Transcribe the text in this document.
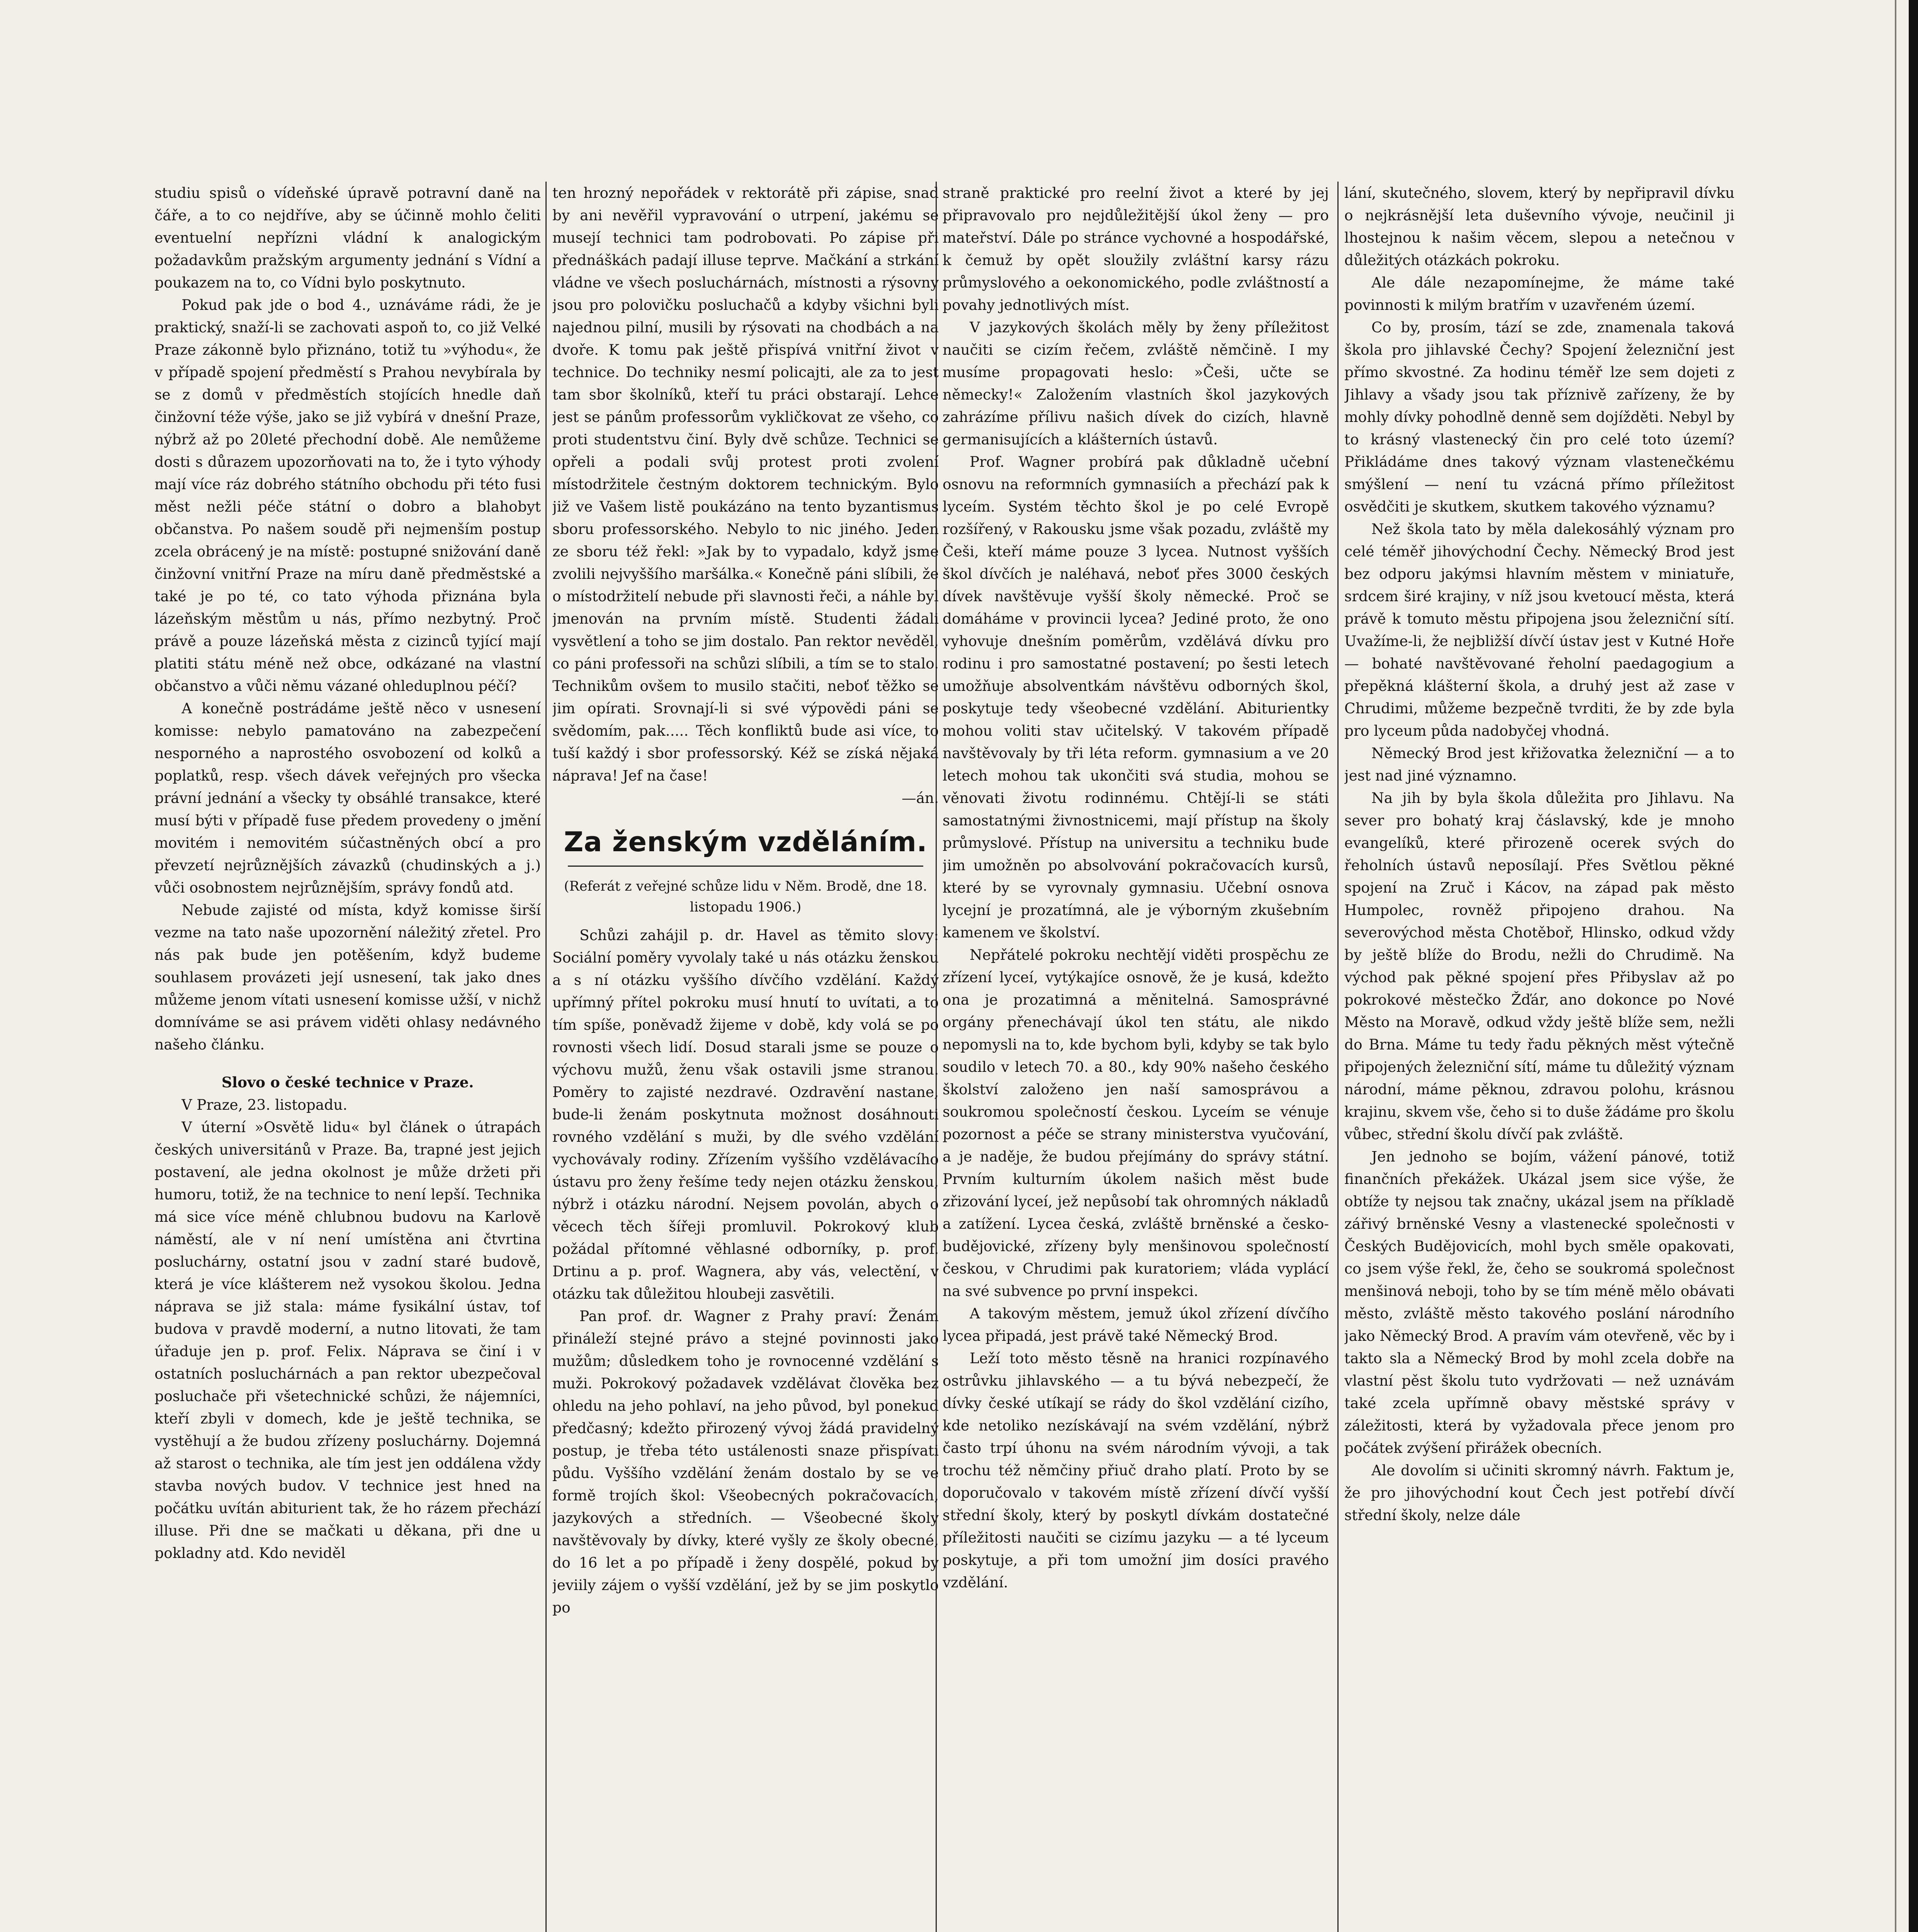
studiu spisů o vídeňské úpravě potravní daně na čáře, a to co nejdříve, aby se účinně mohlo čeliti eventuelní nepřízni vládní k analogickým požadavkům pražským argumenty jednání s Vídní a poukazem na to, co Vídni bylo poskytnuto.

Pokud pak jde o bod 4., uznáváme rádi, že je praktický, snaží-li se zachovati aspoň to, co již Velké Praze zákonně bylo přiznáno, totiž tu »výhodu«, že v případě spojení předměstí s Prahou nevybírala by se z domů v předměstích stojících hnedle daň činžovní téže výše, jako se již vybírá v dnešní Praze, nýbrž až po 20leté přechodní době. Ale nemůžeme dosti s důrazem upozorňovati na to, že i tyto výhody mají více ráz dobrého státního obchodu při této fusi měst nežli péče státní o dobro a blahobyt občanstva. Po našem soudě při nejmenším postup zcela obrácený je na místě: postupné snižování daně činžovní vnitřní Praze na míru daně předměstské a také je po té, co tato výhoda přiznána byla lázeňským městům u nás, přímo nezbytný. Proč právě a pouze lázeňská města z cizinců tyjící mají platiti státu méně než obce, odkázané na vlastní občanstvo a vůči němu vázané ohleduplnou péčí?

A konečně postrádáme ještě něco v usnesení komisse: nebylo pamatováno na zabezpečení nesporného a naprostého osvobození od kolků a poplatků, resp. všech dávek veřejných pro všecka právní jednání a všecky ty obsáhlé transakce, které musí býti v případě fuse předem provedeny o jmění movitém i nemovitém súčastněných obcí a pro převzetí nejrůznějších závazků (chudinských a j.) vůči osobnostem nejrůznějším, správy fondů atd.

Nebude zajisté od místa, když komisse širší vezme na tato naše upozornění náležitý zřetel. Pro nás pak bude jen potěšením, když budeme souhlasem provázeti její usnesení, tak jako dnes můžeme jenom vítati usnesení komisse užší, v nichž domníváme se asi právem viděti ohlasy nedávného našeho článku.

Slovo o české technice v Praze.

V Praze, 23. listopadu.

V úterní »Osvětě lidu« byl článek o útrapách českých universitánů v Praze. Ba, trapné jest jejich postavení, ale jedna okolnost je může držeti při humoru, totiž, že na technice to není lepší. Technika má sice více méně chlubnou budovu na Karlově náměstí, ale v ní není umístěna ani čtvrtina posluchárny, ostatní jsou v zadní staré budově, která je více klášterem než vysokou školou. Jedna náprava se již stala: máme fysikální ústav, tof budova v pravdě moderní, a nutno litovati, že tam úřaduje jen p. prof. Felix. Náprava se činí i v ostatních posluchárnách a pan rektor ubezpečoval posluchače při všetechnické schůzi, že nájemníci, kteří zbyli v domech, kde je ještě technika, se vystěhují a že budou zřízeny posluchárny. Dojemná až starost o technika, ale tím jest jen oddálena vždy stavba nových budov. V technice jest hned na počátku uvítán abiturient tak, že ho rázem přechází illuse. Při dne se mačkati u děkana, při dne u pokladny atd. Kdo neviděl

ten hrozný nepořádek v rektorátě při zápise, snad by ani nevěřil vypravování o utrpení, jakému se musejí technici tam podrobovati. Po zápise při přednáškách padají illuse teprve. Mačkání a strkání vládne ve všech posluchárnách, místnosti a rýsovny jsou pro polovičku posluchačů a kdyby všichni byli najednou pilní, musili by rýsovati na chodbách a na dvoře. K tomu pak ještě přispívá vnitřní život v technice. Do techniky nesmí policajti, ale za to jest tam sbor školníků, kteří tu práci obstarají. Lehce jest se pánům professorům vykličkovat ze všeho, co proti studentstvu činí. Byly dvě schůze. Technici se opřeli a podali svůj protest proti zvolení místodržitele čestným doktorem technickým. Bylo již ve Vašem listě poukázáno na tento byzantismus sboru professorského. Nebylo to nic jiného. Jeden ze sboru též řekl: »Jak by to vypadalo, když jsme zvolili nejvyššího maršálka.« Konečně páni slíbili, že o místodržitelí nebude při slavnosti řeči, a náhle byl jmenován na prvním místě. Studenti žádali vysvětlení a toho se jim dostalo. Pan rektor nevěděl, co páni professoři na schůzi slíbili, a tím se to stalo. Technikům ovšem to musilo stačiti, neboť těžko se jim opírati. Srovnají-li si své výpovědi páni se svědomím, pak..... Těch konfliktů bude asi více, to tuší každý i sbor professorský. Kéž se získá nějaká náprava! Jef na čase!

—án.

Za ženským vzděláním.

(Referát z veřejné schůze lidu v Něm. Brodě, dne 18. listopadu 1906.)

Schůzi zahájil p. dr. Havel as těmito slovy: Sociální poměry vyvolaly také u nás otázku ženskou a s ní otázku vyššího dívčího vzdělání. Každý upřímný přítel pokroku musí hnutí to uvítati, a to tím spíše, poněvadž žijeme v době, kdy volá se po rovnosti všech lidí. Dosud starali jsme se pouze o výchovu mužů, ženu však ostavili jsme stranou. Poměry to zajisté nezdravé. Ozdravění nastane, bude-li ženám poskytnuta možnost dosáhnouti rovného vzdělání s muži, by dle svého vzdělání vychovávaly rodiny. Zřízením vyššího vzdělávacího ústavu pro ženy řešíme tedy nejen otázku ženskou, nýbrž i otázku národní. Nejsem povolán, abych o věcech těch šířeji promluvil. Pokrokový klub požádal přítomné věhlasné odborníky, p. prof. Drtinu a p. prof. Wagnera, aby vás, velectění, v otázku tak důležitou hloubeji zasvětili.

Pan prof. dr. Wagner z Prahy praví: Ženám přináleží stejné právo a stejné povinnosti jako mužům; důsledkem toho je rovnocenné vzdělání s muži. Pokrokový požadavek vzdělávat člověka bez ohledu na jeho pohlaví, na jeho původ, byl ponekud předčasný; kdežto přirozený vývoj žádá pravidelný postup, je třeba této ustálenosti snaze přispívati půdu. Vyššího vzdělání ženám dostalo by se ve formě trojích škol: Všeobecných pokračovacích, jazykových a středních. — Všeobecné školy navštěvovaly by dívky, které vyšly ze školy obecné, do 16 let a po případě i ženy dospělé, pokud by jeviily zájem o vyšší vzdělání, jež by se jim poskytlo po

straně praktické pro reelní život a které by jej připravovalo pro nejdůležitější úkol ženy — pro mateřství. Dále po stránce vychovné a hospodářské, k čemuž by opět sloužily zvláštní karsy rázu průmyslového a oekonomického, podle zvláštností a povahy jednotlivých míst.

V jazykových školách měly by ženy příležitost naučiti se cizím řečem, zvláště němčině. I my musíme propagovati heslo: »Češi, učte se německy!« Založením vlastních škol jazykových zahrázíme přílivu našich dívek do cizích, hlavně germanisujících a klášterních ústavů.

Prof. Wagner probírá pak důkladně učební osnovu na reformních gymnasiích a přechází pak k lyceím. Systém těchto škol je po celé Evropě rozšířený, v Rakousku jsme však pozadu, zvláště my Češi, kteří máme pouze 3 lycea. Nutnost vyšších škol dívčích je naléhavá, neboť přes 3000 českých dívek navštěvuje vyšší školy německé. Proč se domáháme v provincii lycea? Jediné proto, že ono vyhovuje dnešním poměrům, vzdělává dívku pro rodinu i pro samostatné postavení; po šesti letech umožňuje absolventkám návštěvu odborných škol, poskytuje tedy všeobecné vzdělání. Abiturientky mohou voliti stav učitelský. V takovém případě navštěvovaly by tři léta reform. gymnasium a ve 20 letech mohou tak ukončiti svá studia, mohou se věnovati životu rodinnému. Chtějí-li se státi samostatnými živnostnicemi, mají přístup na školy průmyslové. Přístup na universitu a techniku bude jim umožněn po absolvování pokračovacích kursů, které by se vyrovnaly gymnasiu. Učební osnova lycejní je prozatímná, ale je výborným zkušebním kamenem ve školství.

Nepřátelé pokroku nechtějí viděti prospěchu ze zřízení lyceí, vytýkajíce osnově, že je kusá, kdežto ona je prozatimná a měnitelná. Samosprávné orgány přenechávají úkol ten státu, ale nikdo nepomysli na to, kde bychom byli, kdyby se tak bylo soudilo v letech 70. a 80., kdy 90% našeho českého školství založeno jen naší samosprávou a soukromou společností českou. Lyceím se vénuje pozornost a péče se strany ministerstva vyučování, a je naděje, že budou přejímány do správy státní. Prvním kulturním úkolem našich měst bude zřizování lyceí, jež nepůsobí tak ohromných nákladů a zatížení. Lycea česká, zvláště brněnské a česko-budějovické, zřízeny byly menšinovou společností českou, v Chrudimi pak kuratoriem; vláda vyplácí na své subvence po první inspekci.

A takovým městem, jemuž úkol zřízení dívčího lycea připadá, jest právě také Německý Brod.

Leží toto město těsně na hranici rozpínavého ostrůvku jihlavského — a tu bývá nebezpečí, že dívky české utíkají se rády do škol vzdělání cizího, kde netoliko nezískávají na svém vzdělání, nýbrž často trpí úhonu na svém národním vývoji, a tak trochu též němčiny přiuč draho platí. Proto by se doporučovalo v takovém místě zřízení dívčí vyšší střední školy, který by poskytl dívkám dostatečné příležitosti naučiti se cizímu jazyku — a té lyceum poskytuje, a při tom umožní jim dosíci pravého vzdělání.

lání, skutečného, slovem, který by nepřipravil dívku o nejkrásnější leta duševního vývoje, neučinil ji lhostejnou k našim věcem, slepou a netečnou v důležitých otázkách pokroku.

Ale dále nezapomínejme, že máme také povinnosti k milým bratřím v uzavřeném území.

Co by, prosím, tází se zde, znamenala taková škola pro jihlavské Čechy? Spojení železniční jest přímo skvostné. Za hodinu téměř lze sem dojeti z Jihlavy a všady jsou tak příznivě zařízeny, že by mohly dívky pohodlně denně sem dojížděti. Nebyl by to krásný vlastenecký čin pro celé toto území? Přikládáme dnes takový význam vlastenečkému smýšlení — není tu vzácná přímo příležitost osvědčiti je skutkem, skutkem takového významu?

Než škola tato by měla dalekosáhlý význam pro celé téměř jihovýchodní Čechy. Německý Brod jest bez odporu jakýmsi hlavním městem v miniatuře, srdcem širé krajiny, v níž jsou kvetoucí města, která právě k tomuto městu připojena jsou železniční sítí. Uvažíme-li, že nejbližší dívčí ústav jest v Kutné Hoře — bohaté navštěvované řeholní paedagogium a přepěkná klášterní škola, a druhý jest až zase v Chrudimi, můžeme bezpečně tvrditi, že by zde byla pro lyceum půda nadobyčej vhodná.

Německý Brod jest křižovatka železniční — a to jest nad jiné významno.

Na jih by byla škola důležita pro Jihlavu. Na sever pro bohatý kraj čáslavský, kde je mnoho evangelíků, které přirozeně ocerek svých do řeholních ústavů neposílají. Přes Světlou pěkné spojení na Zruč i Kácov, na západ pak město Humpolec, rovněž připojeno drahou. Na severovýchod města Chotěboř, Hlinsko, odkud vždy by ještě blíže do Brodu, nežli do Chrudimě. Na východ pak pěkné spojení přes Přibyslav až po pokrokové městečko Žďár, ano dokonce po Nové Město na Moravě, odkud vždy ještě blíže sem, nežli do Brna. Máme tu tedy řadu pěkných měst výtečně připojených železniční sítí, máme tu důležitý význam národní, máme pěknou, zdravou polohu, krásnou krajinu, skvem vše, čeho si to duše žádáme pro školu vůbec, střední školu dívčí pak zvláště.

Jen jednoho se bojím, vážení pánové, totiž finančních překážek. Ukázal jsem sice výše, že obtíže ty nejsou tak značny, ukázal jsem na příkladě zářivý brněnské Vesny a vlastenecké společnosti v Českých Budějovicích, mohl bych směle opakovati, co jsem výše řekl, že, čeho se soukromá společnost menšinová neboji, toho by se tím méně mělo obávati město, zvláště město takového poslání národního jako Německý Brod. A pravím vám otevřeně, věc by i takto sla a Německý Brod by mohl zcela dobře na vlastní pěst školu tuto vydržovati — než uznávám také zcela upřímně obavy městské správy v záležitosti, která by vyžadovala přece jenom pro počátek zvýšení přirážek obecních.

Ale dovolím si učiniti skromný návrh. Faktum je, že pro jihovýchodní kout Čech jest potřebí dívčí střední školy, nelze dále
